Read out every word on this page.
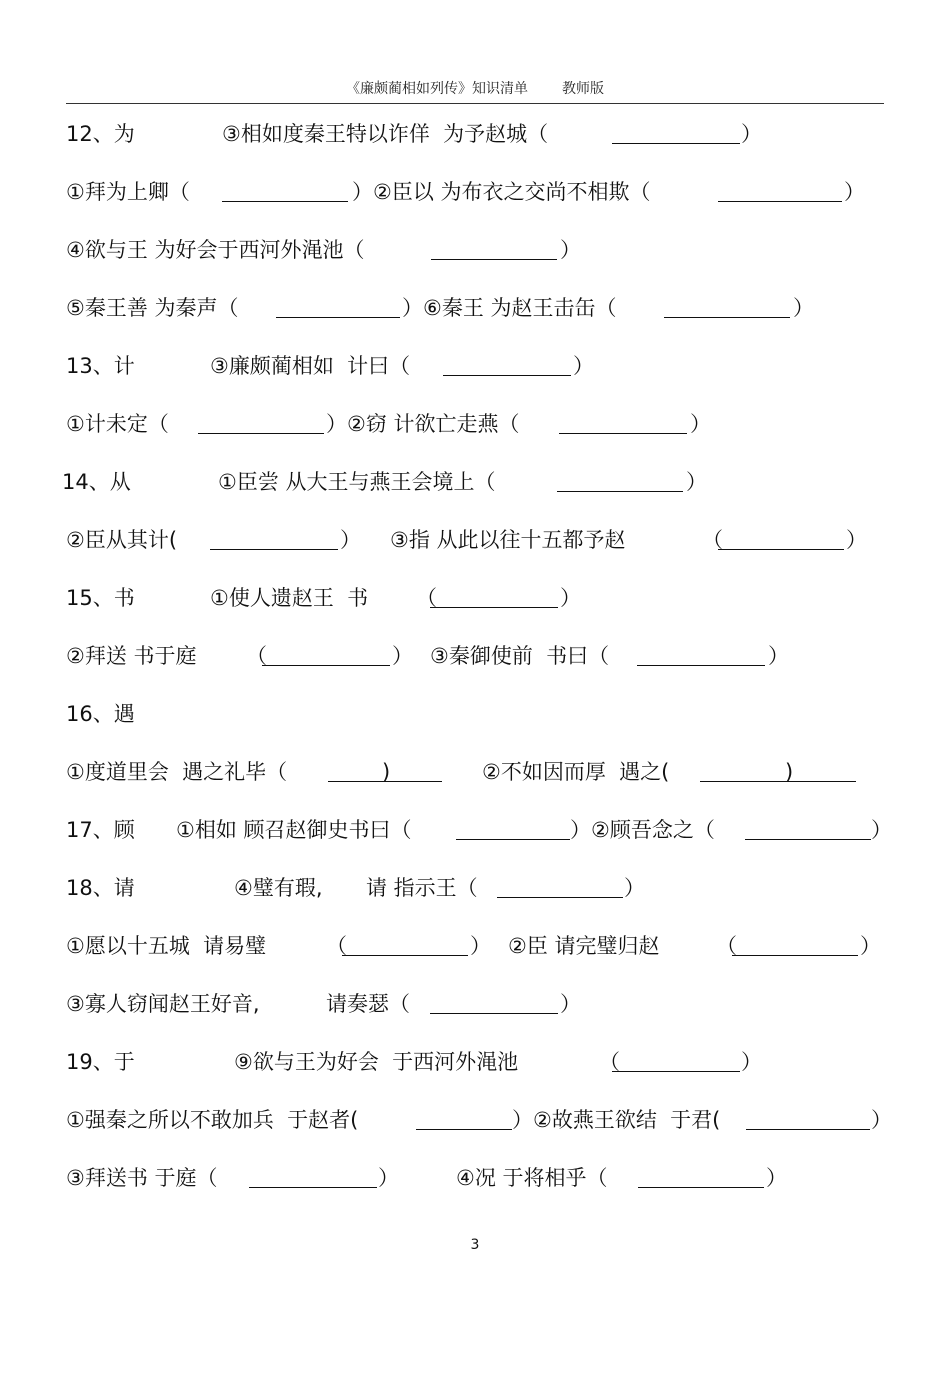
《廉颇蔺相如列传》知识清单 教师版

12、为

	③相如度秦王特以诈佯  为予赵城（

	）

①拜为上卿（

	）②臣以 为布衣之交尚不相欺（

	）

④欲与王 为好会于西河外渑池（

	）

⑤秦王善 为秦声（

	）⑥秦王 为赵王击缶（

	）

13、计

	③廉颇蔺相如  计曰（

	）

①计未定（

	）②窃 计欲亡走燕（

	）

14、从

	①臣尝 从大王与燕王会境上（

	）

②臣从其计(

	）

③指 从此以往十五都予赵

	（

	）

15、书

	①使人遗赵王  书

（

	）

②拜送 书于庭

（

	）

③秦御使前  书曰（

	）

16、遇

①度道里会  遇之礼毕（

	)

	②不如因而厚  遇之(

	)

17、顾

①相如 顾召赵御史书曰（

	）②顾吾念之（

	）

18、请

	④璧有瑕,

请 指示王（

	）

①愿以十五城  请易璧

	（

	）

②臣 请完璧归赵

	（

	）

③寡人窃闻赵王好音,

	请奏瑟（

	）

19、于

	⑨欲与王为好会  于西河外渑池

	（

	）

①强秦之所以不敢加兵  于赵者(

	）②故燕王欲结  于君(

	）

③拜送书 于庭（

	）

	④况 于将相乎（

	）

3
